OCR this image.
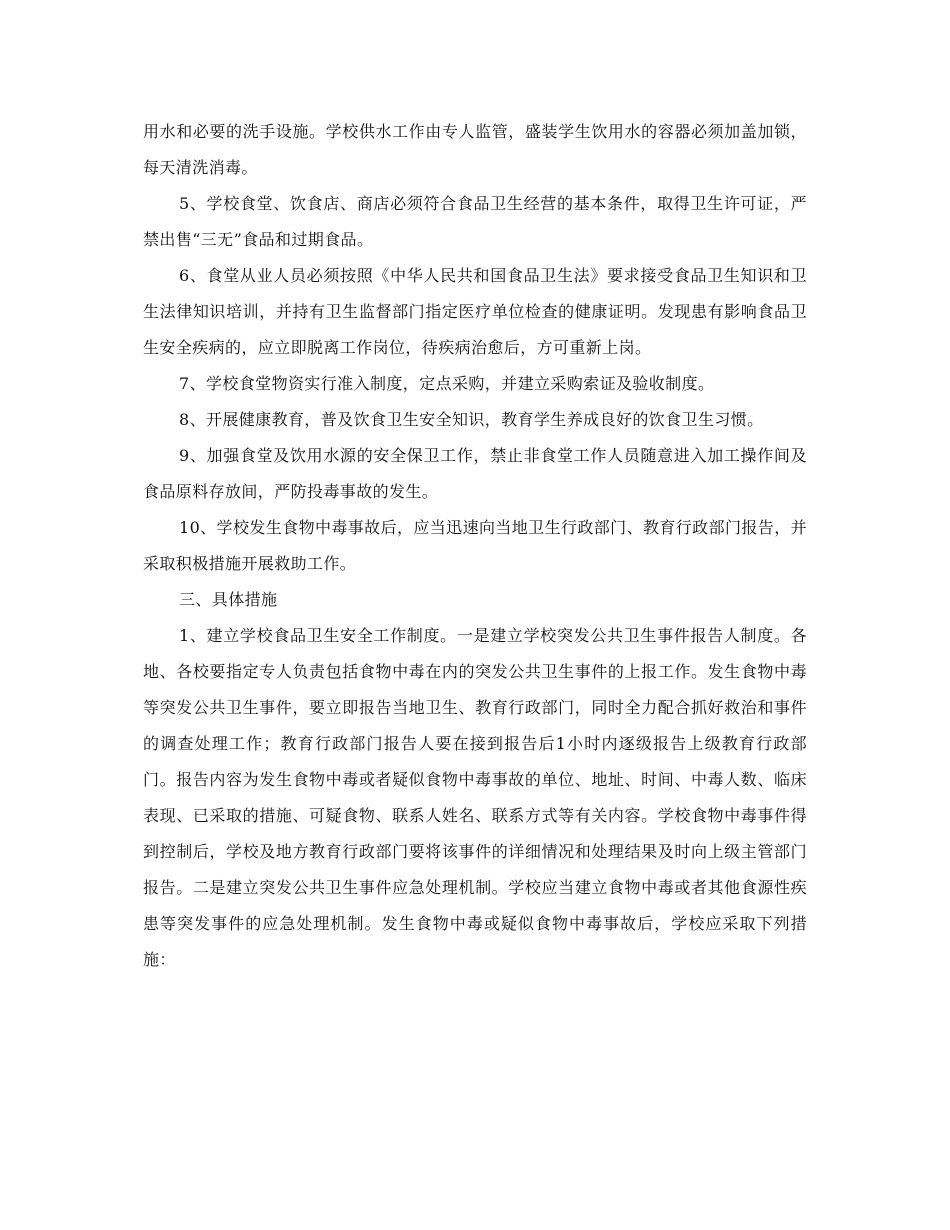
用水和必要的洗手设施。学校供水工作由专人监管，盛装学生饮用水的容器必须加盖加锁，每天清洗消毒。

5、学校食堂、饮食店、商店必须符合食品卫生经营的基本条件，取得卫生许可证，严禁出售“三无”食品和过期食品。

6、食堂从业人员必须按照《中华人民共和国食品卫生法》要求接受食品卫生知识和卫生法律知识培训，并持有卫生监督部门指定医疗单位检查的健康证明。发现患有影响食品卫生安全疾病的，应立即脱离工作岗位，待疾病治愈后，方可重新上岗。

7、学校食堂物资实行准入制度，定点采购，并建立采购索证及验收制度。

8、开展健康教育，普及饮食卫生安全知识，教育学生养成良好的饮食卫生习惯。

9、加强食堂及饮用水源的安全保卫工作，禁止非食堂工作人员随意进入加工操作间及食品原料存放间，严防投毒事故的发生。

10、学校发生食物中毒事故后，应当迅速向当地卫生行政部门、教育行政部门报告，并采取积极措施开展救助工作。

三、具体措施

1、建立学校食品卫生安全工作制度。一是建立学校突发公共卫生事件报告人制度。各地、各校要指定专人负责包括食物中毒在内的突发公共卫生事件的上报工作。发生食物中毒等突发公共卫生事件，要立即报告当地卫生、教育行政部门，同时全力配合抓好救治和事件的调查处理工作；教育行政部门报告人要在接到报告后1小时内逐级报告上级教育行政部门。报告内容为发生食物中毒或者疑似食物中毒事故的单位、地址、时间、中毒人数、临床表现、已采取的措施、可疑食物、联系人姓名、联系方式等有关内容。学校食物中毒事件得到控制后，学校及地方教育行政部门要将该事件的详细情况和处理结果及时向上级主管部门报告。二是建立突发公共卫生事件应急处理机制。学校应当建立食物中毒或者其他食源性疾患等突发事件的应急处理机制。发生食物中毒或疑似食物中毒事故后，学校应采取下列措施：
